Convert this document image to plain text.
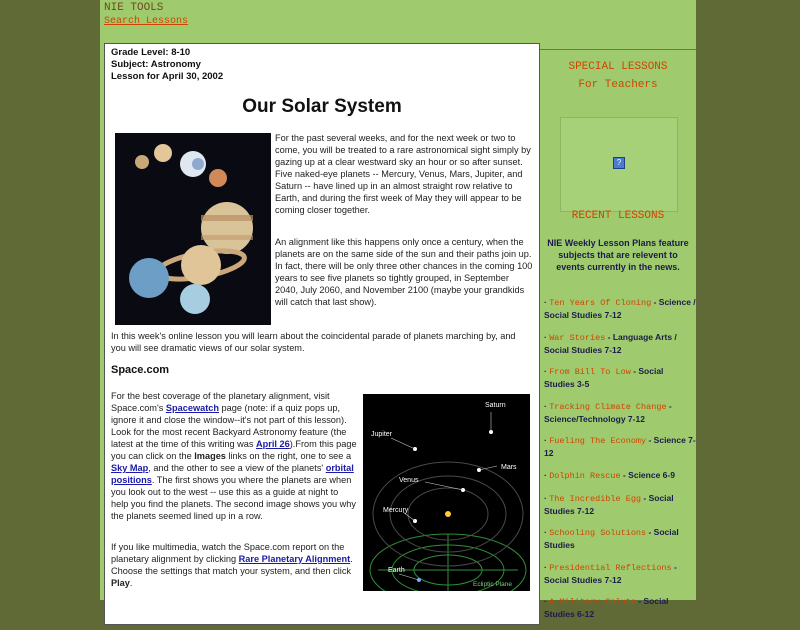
NIE TOOLS
Search Lessons
Grade Level: 8-10
Subject: Astronomy
Lesson for April 30, 2002
Our Solar System

For the past several weeks, and for the next week or two to come, you will be treated to a rare astronomical sight simply by gazing up at a clear westward sky an hour or so after sunset. Five naked-eye planets -- Mercury, Venus, Mars, Jupiter, and Saturn -- have lined up in an almost straight row relative to Earth, and during the first week of May they will appear to be coming closer together.

An alignment like this happens only once a century, when the planets are on the same side of the sun and their paths join up. In fact, there will be only three other chances in the coming 100 years to see five planets so tightly grouped, in September 2040, July 2060, and November 2100 (maybe your grandkids will catch that last show).

In this week's online lesson you will learn about the coincidental parade of planets marching by, and you will see dramatic views of our solar system.

Space.com

For the best coverage of the planetary alignment, visit Space.com's Spacewatch page (note: if a quiz pops up, ignore it and close the window--it's not part of this lesson). Look for the most recent Backyard Astronomy feature (the latest at the time of this writing was April 26).From this page you can click on the Images links on the right, one to see a Sky Map, and the other to see a view of the planets' orbital positions. The first shows you where the planets are when you look out to the west -- use this as a guide at night to help you find the planets. The second image shows you why the planets seemed lined up in a row.

If you like multimedia, watch the Space.com report on the planetary alignment by clicking Rare Planetary Alignment. Choose the settings that match your system, and then click Play.

Saturn
Jupiter
Mars
Venus
Mercury
Earth
Ecliptic Plane
SPECIAL LESSONS
For Teachers
?
RECENT LESSONS
NIE Weekly Lesson Plans feature subjects that are relevent to events currently in the news.
· Ten Years Of Cloning - Science / Social Studies 7-12
· War Stories - Language Arts / Social Studies 7-12
· From Bill To Low - Social Studies 3-5
· Tracking Climate Change - Science/Technology 7-12
· Fueling The Economy - Science 7-12
· Dolphin Rescue - Science 6-9
· The Incredible Egg - Social Studies 7-12
· Schooling Solutions - Social Studies
· Presidential Reflections - Social Studies 7-12
· A Military Salute - Social Studies 6-12
